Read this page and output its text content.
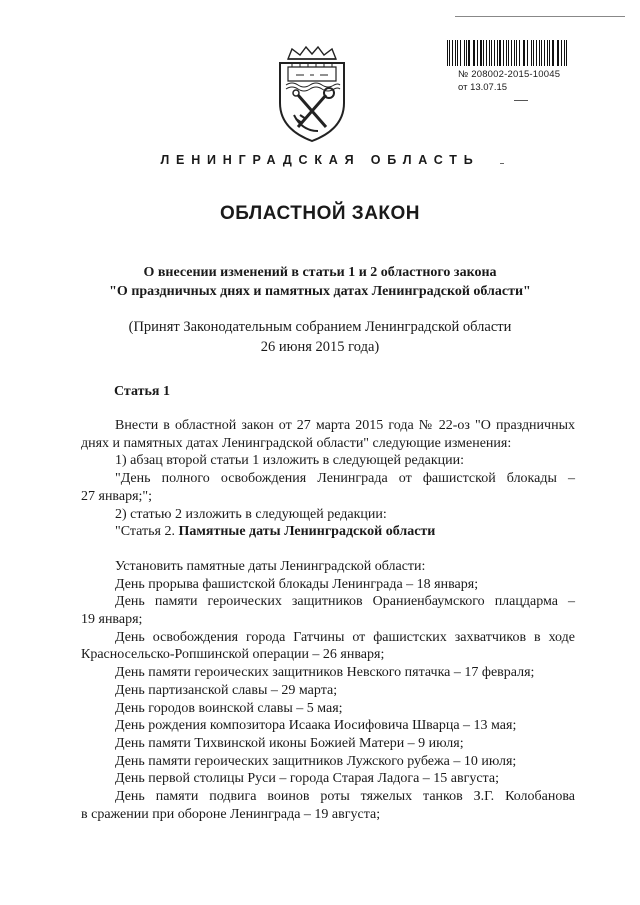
№ 208002-2015-10045
от 13.07.15
ЛЕНИНГРАДСКАЯ ОБЛАСТЬ
ОБЛАСТНОЙ ЗАКОН
О внесении изменений в статьи 1 и 2 областного закона
"О праздничных днях и памятных датах Ленинградской области"
(Принят Законодательным собранием Ленинградской области
26 июня 2015 года)
Статья 1

Внести в областной закон от 27 марта 2015 года № 22-оз "О праздничных

днях и памятных датах Ленинградской области" следующие изменения:

1) абзац второй статьи 1 изложить в следующей редакции:

"День полного освобождения Ленинграда от фашистской блокады –

27 января;";

2) статью 2 изложить в следующей редакции:

"Статья 2. Памятные даты Ленинградской области

Установить памятные даты Ленинградской области:

День прорыва фашистской блокады Ленинграда – 18 января;

День памяти героических защитников Ораниенбаумского плацдарма –

19 января;

День освобождения города Гатчины от фашистских захватчиков в ходе

Красносельско-Ропшинской операции – 26 января;

День памяти героических защитников Невского пятачка – 17 февраля;

День партизанской славы – 29 марта;

День городов воинской славы – 5 мая;

День рождения композитора Исаака Иосифовича Шварца – 13 мая;

День памяти Тихвинской иконы Божией Матери – 9 июля;

День памяти героических защитников Лужского рубежа – 10 июля;

День первой столицы Руси – города Старая Ладога – 15 августа;

День памяти подвига воинов роты тяжелых танков З.Г. Колобанова

в сражении при обороне Ленинграда – 19 августа;
